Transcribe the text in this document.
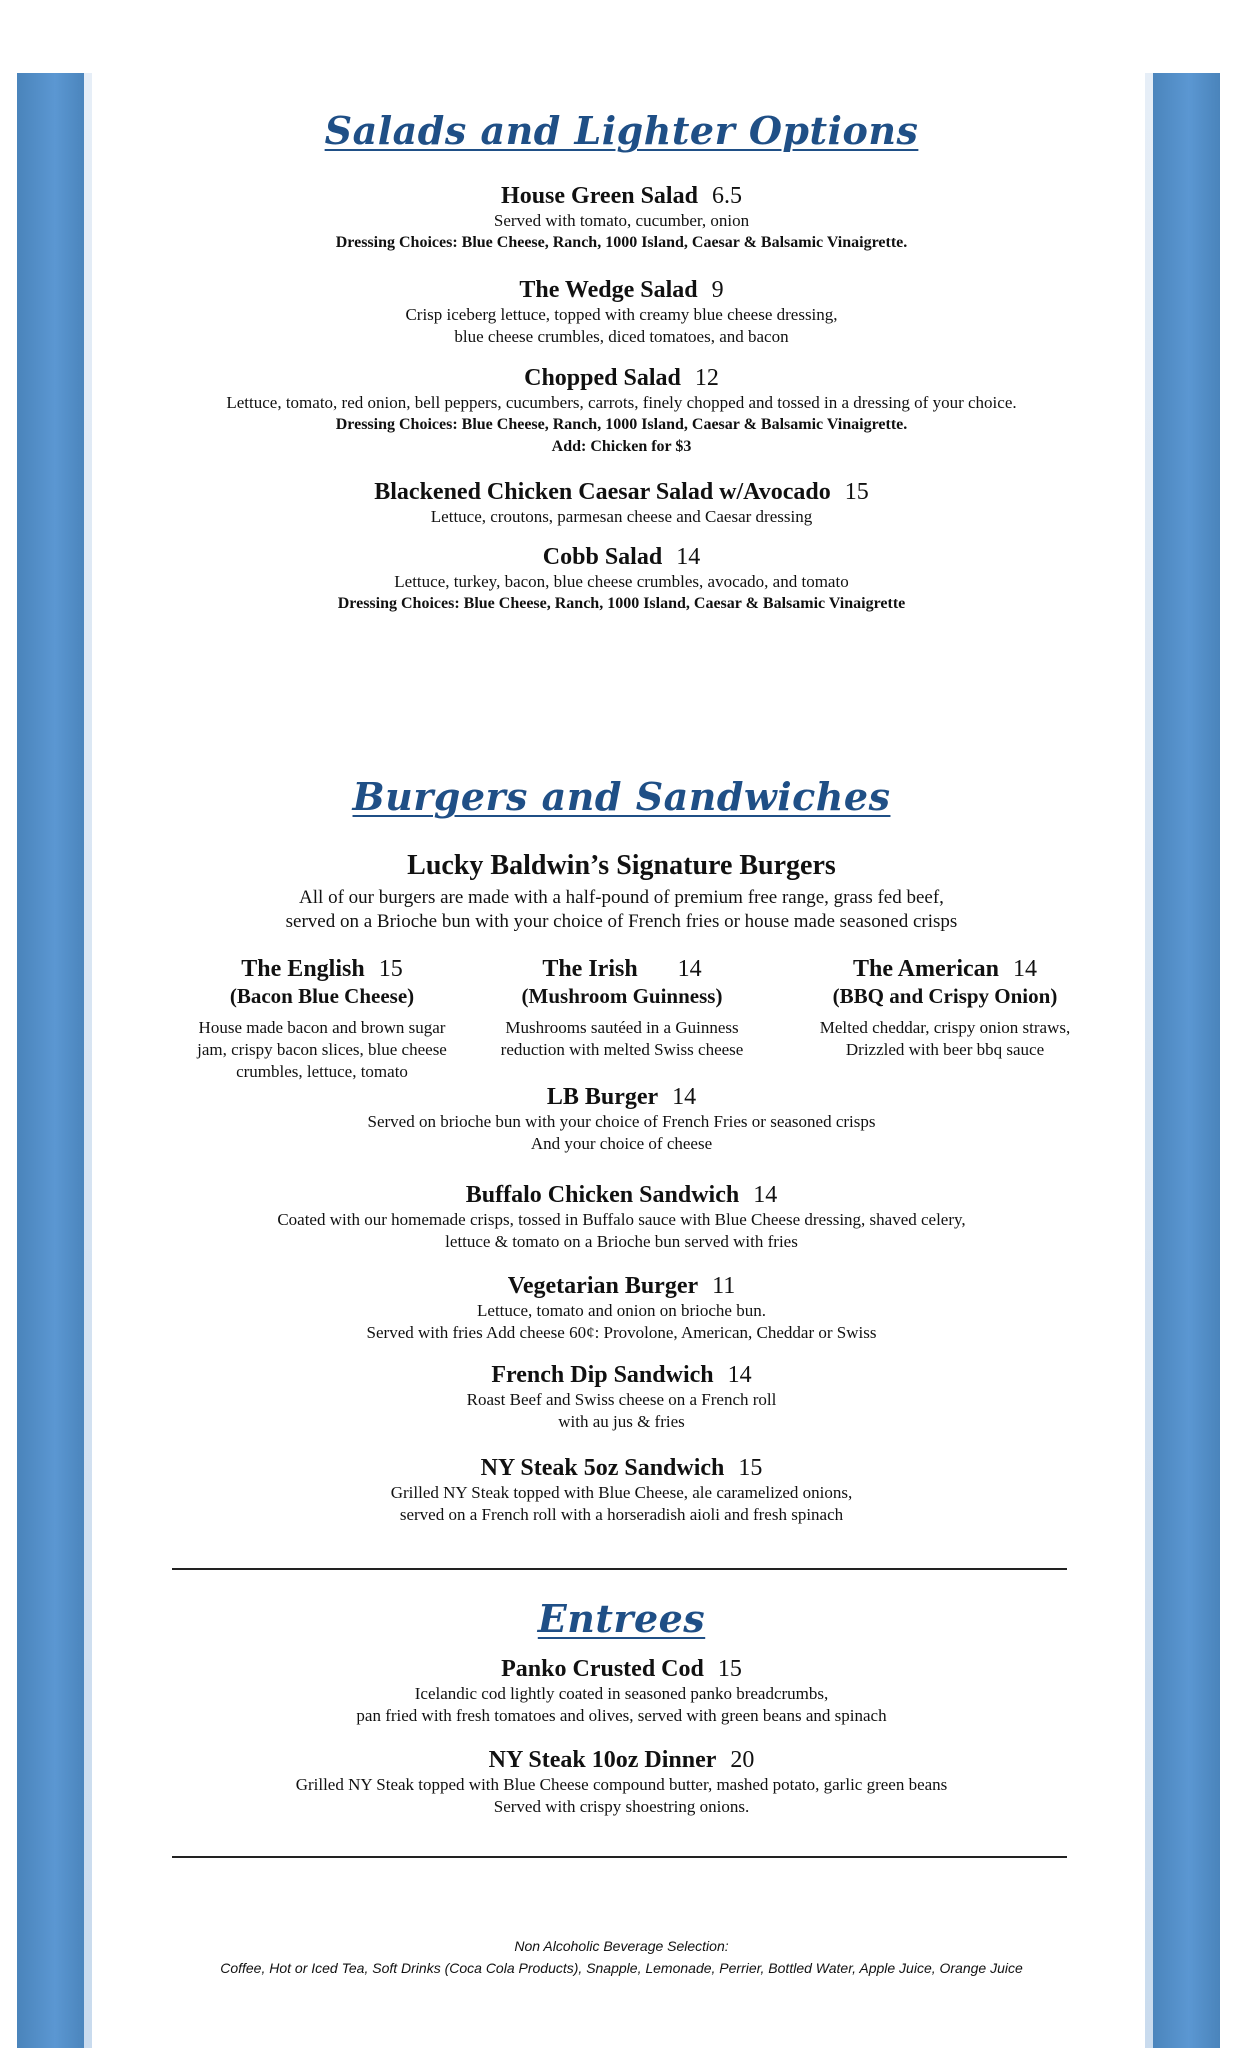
Salads and Lighter Options
House Green Salad 6.5
Served with tomato, cucumber, onion
Dressing Choices: Blue Cheese, Ranch, 1000 Island, Caesar & Balsamic Vinaigrette.
The Wedge Salad 9
Crisp iceberg lettuce, topped with creamy blue cheese dressing,
blue cheese crumbles, diced tomatoes, and bacon
Chopped Salad 12
Lettuce, tomato, red onion, bell peppers, cucumbers, carrots, finely chopped and tossed in a dressing of your choice.
Dressing Choices: Blue Cheese, Ranch, 1000 Island, Caesar & Balsamic Vinaigrette.
Add: Chicken for $3
Blackened Chicken Caesar Salad w/Avocado 15
Lettuce, croutons, parmesan cheese and Caesar dressing
Cobb Salad 14
Lettuce, turkey, bacon, blue cheese crumbles, avocado, and tomato
Dressing Choices: Blue Cheese, Ranch, 1000 Island, Caesar & Balsamic Vinaigrette
Burgers and Sandwiches
Lucky Baldwin’s Signature Burgers
All of our burgers are made with a half-pound of premium free range, grass fed beef,
served on a Brioche bun with your choice of French fries or house made seasoned crisps
The English 15
(Bacon Blue Cheese)
House made bacon and brown sugar
jam, crispy bacon slices, blue cheese
crumbles, lettuce, tomato
The Irish 14
(Mushroom Guinness)
Mushrooms sautéed in a Guinness
reduction with melted Swiss cheese
The American 14
(BBQ and Crispy Onion)
Melted cheddar, crispy onion straws,
Drizzled with beer bbq sauce
LB Burger 14
Served on brioche bun with your choice of French Fries or seasoned crisps
And your choice of cheese
Buffalo Chicken Sandwich 14
Coated with our homemade crisps, tossed in Buffalo sauce with Blue Cheese dressing, shaved celery,
lettuce & tomato on a Brioche bun served with fries
Vegetarian Burger 11
Lettuce, tomato and onion on brioche bun.
Served with fries Add cheese 60¢: Provolone, American, Cheddar or Swiss
French Dip Sandwich 14
Roast Beef and Swiss cheese on a French roll
with au jus & fries
NY Steak 5oz Sandwich 15
Grilled NY Steak topped with Blue Cheese, ale caramelized onions,
served on a French roll with a horseradish aioli and fresh spinach
Entrees
Panko Crusted Cod 15
Icelandic cod lightly coated in seasoned panko breadcrumbs,
pan fried with fresh tomatoes and olives, served with green beans and spinach
NY Steak 10oz Dinner 20
Grilled NY Steak topped with Blue Cheese compound butter, mashed potato, garlic green beans
Served with crispy shoestring onions.
Non Alcoholic Beverage Selection:
Coffee, Hot or Iced Tea, Soft Drinks (Coca Cola Products), Snapple, Lemonade, Perrier, Bottled Water, Apple Juice, Orange Juice
